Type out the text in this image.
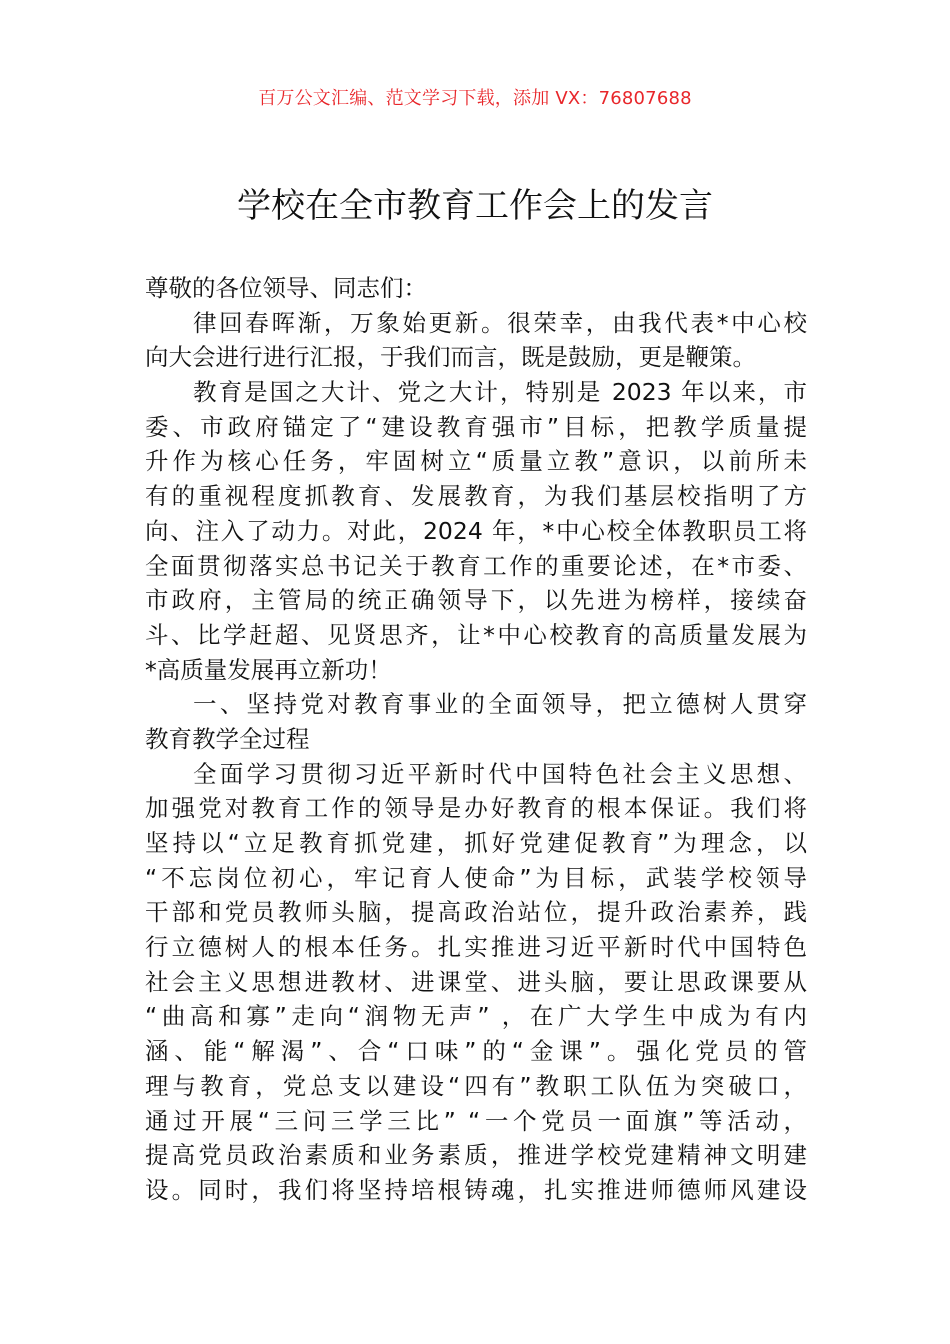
百万公文汇编、范文学习下载，添加 VX：76807688
学校在全市教育工作会上的发言
尊敬的各位领导、同志们：
律回春晖渐，万象始更新。很荣幸，由我代表*中心校
向大会进行进行汇报，于我们而言，既是鼓励，更是鞭策。
教育是国之大计、党之大计，特别是 2023 年以来，市
委、市政府锚定了“建设教育强市”目标，把教学质量提
升作为核心任务，牢固树立“质量立教”意识，以前所未
有的重视程度抓教育、发展教育，为我们基层校指明了方
向、注入了动力。对此，2024 年，*中心校全体教职员工将
全面贯彻落实总书记关于教育工作的重要论述，在*市委、
市政府，主管局的统正确领导下，以先进为榜样，接续奋
斗、比学赶超、见贤思齐，让*中心校教育的高质量发展为
*高质量发展再立新功！
一、坚持党对教育事业的全面领导，把立德树人贯穿
教育教学全过程
全面学习贯彻习近平新时代中国特色社会主义思想、
加强党对教育工作的领导是办好教育的根本保证。我们将
坚持以“立足教育抓党建，抓好党建促教育”为理念，以
“不忘岗位初心，牢记育人使命”为目标，武装学校领导
干部和党员教师头脑，提高政治站位，提升政治素养，践
行立德树人的根本任务。扎实推进习近平新时代中国特色
社会主义思想进教材、进课堂、进头脑，要让思政课要从
“曲高和寡”走向“润物无声” ，在广大学生中成为有内
涵、能“解渴”、合“口味”的“金课”。强化党员的管
理与教育，党总支以建设“四有”教职工队伍为突破口，
通过开展“三问三学三比” “一个党员一面旗”等活动，
提高党员政治素质和业务素质，推进学校党建精神文明建
设。同时，我们将坚持培根铸魂，扎实推进师德师风建设
